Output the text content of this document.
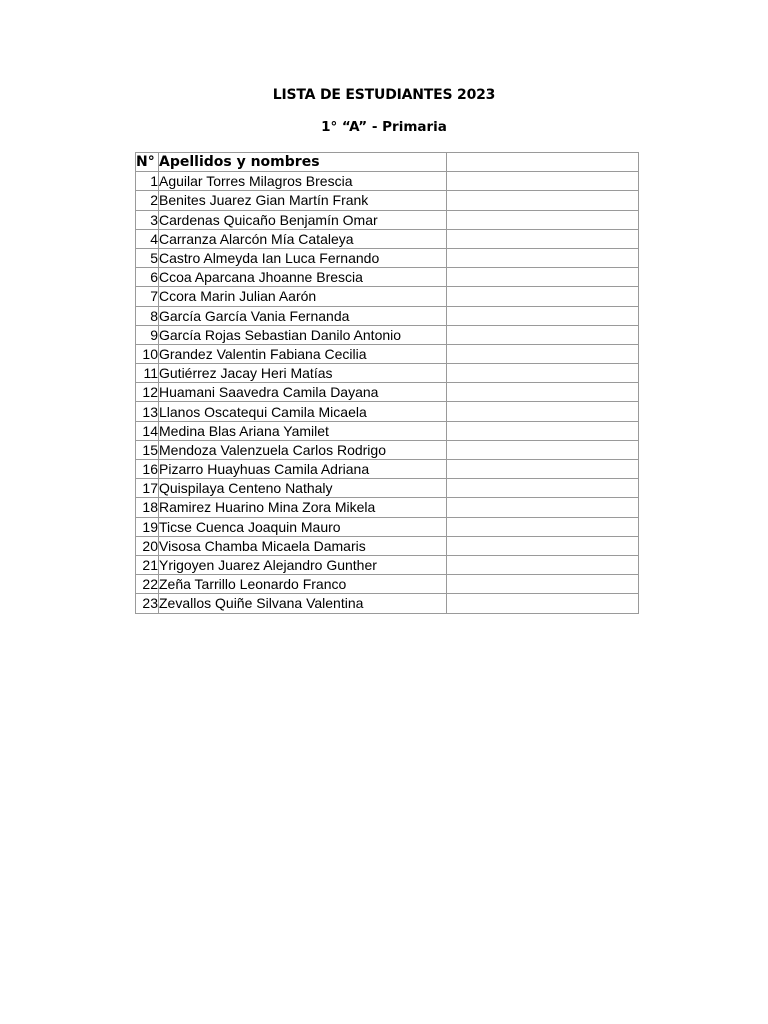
LISTA DE ESTUDIANTES 2023
1° “A” - Primaria
N°	Apellidos y nombres	
1	Aguilar Torres Milagros Brescia	
2	Benites Juarez Gian Martín Frank	
3	Cardenas Quicaño Benjamín Omar	
4	Carranza Alarcón Mía Cataleya	
5	Castro Almeyda Ian Luca Fernando	
6	Ccoa Aparcana Jhoanne Brescia	
7	Ccora Marin Julian Aarón	
8	García García Vania Fernanda	
9	García Rojas Sebastian Danilo Antonio	
10	Grandez Valentin Fabiana Cecilia	
11	Gutiérrez Jacay Heri Matías	
12	Huamani Saavedra Camila Dayana	
13	Llanos Oscatequi Camila Micaela	
14	Medina Blas Ariana Yamilet	
15	Mendoza Valenzuela Carlos Rodrigo	
16	Pizarro Huayhuas Camila Adriana	
17	Quispilaya Centeno Nathaly	
18	Ramirez Huarino Mina Zora Mikela	
19	Ticse Cuenca Joaquin Mauro	
20	Visosa Chamba Micaela Damaris	
21	Yrigoyen Juarez Alejandro Gunther	
22	Zeña Tarrillo Leonardo Franco	
23	Zevallos Quiñe Silvana Valentina	
